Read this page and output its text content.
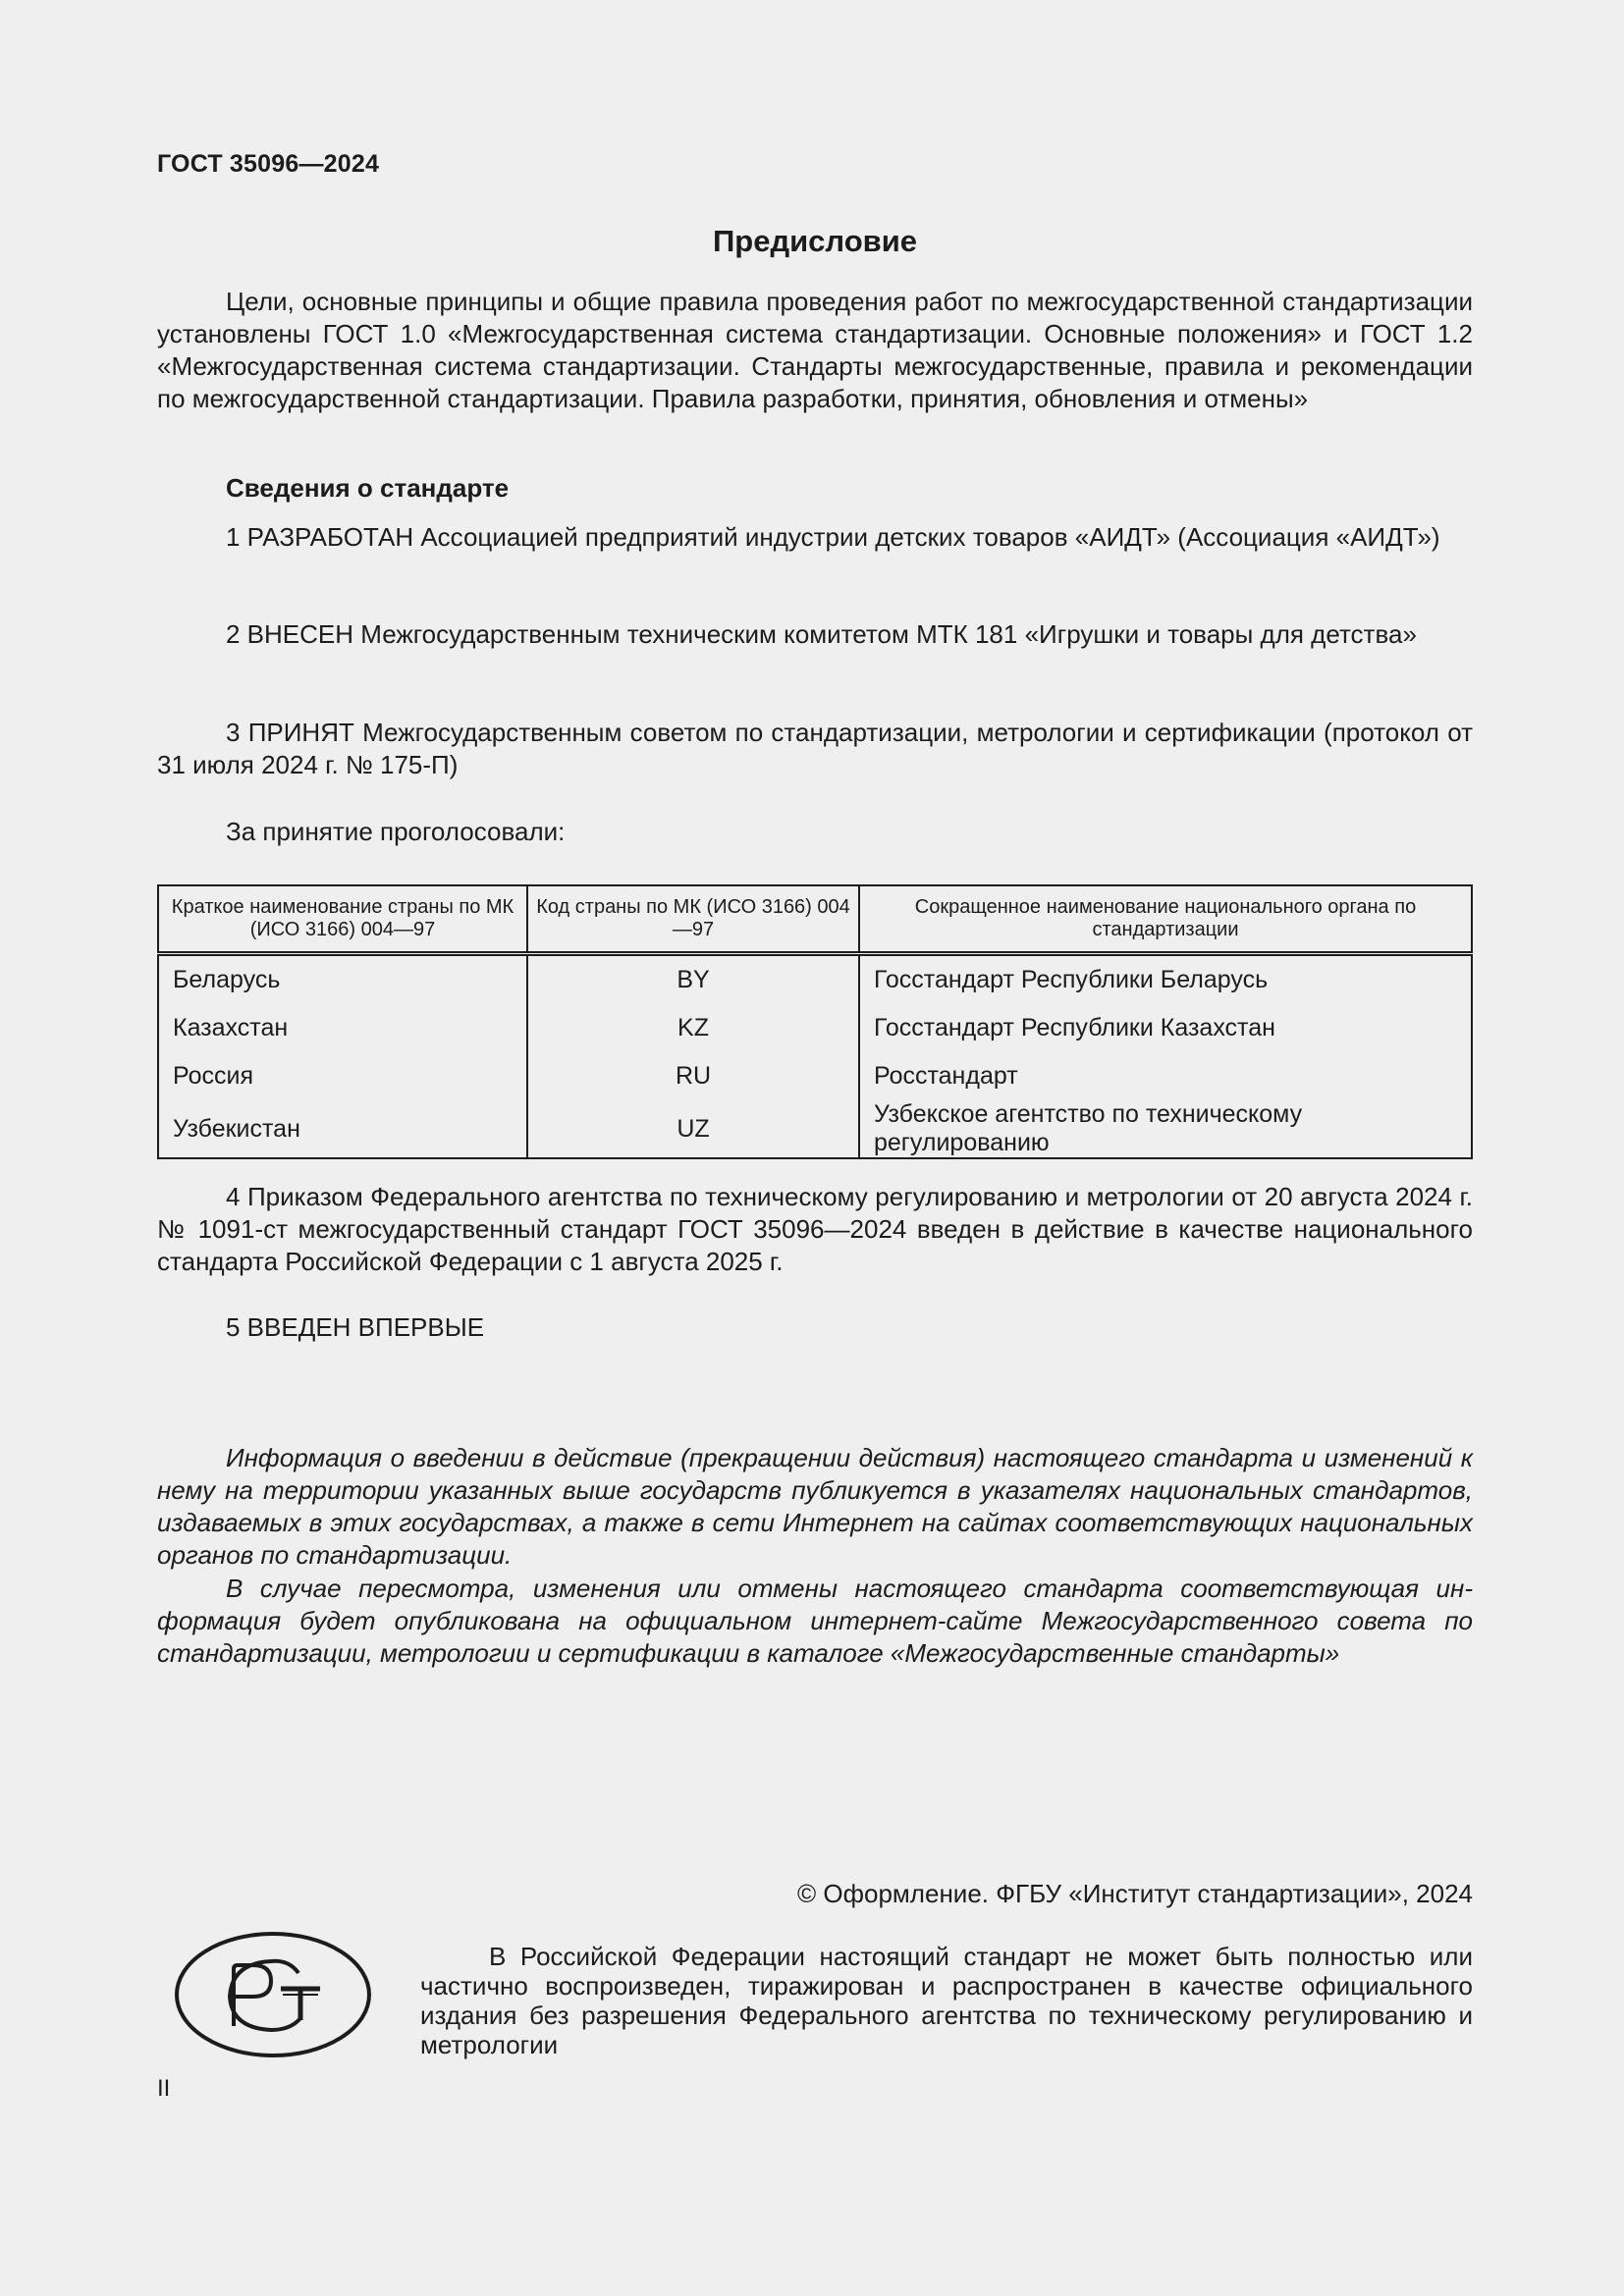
ГОСТ 35096—2024
Предисловие

Цели, основные принципы и общие правила проведения работ по межгосударственной стандартизации установлены ГОСТ 1.0 «Межгосударственная система стандартизации. Основные положения» и ГОСТ 1.2 «Межгосударственная система стандартизации. Стандарты межгосударственные, правила и рекомендации по межгосударственной стандартизации. Правила разработки, принятия, обновления и отмены»

Сведения о стандарте

1 РАЗРАБОТАН Ассоциацией предприятий индустрии детских товаров «АИДТ» (Ассоциация «АИДТ»)

2 ВНЕСЕН Межгосударственным техническим комитетом МТК 181 «Игрушки и товары для детства»

3 ПРИНЯТ Межгосударственным советом по стандартизации, метрологии и сертификации (протокол от 31 июля 2024 г. № 175-П)

За принятие проголосовали:

Краткое наименование страны по МК (ИСО 3166) 004—97	Код страны по МК (ИСО 3166) 004—97	Сокращенное наименование национального органа по стандартизации
Беларусь	BY	Госстандарт Республики Беларусь
Казахстан	KZ	Госстандарт Республики Казахстан
Россия	RU	Росстандарт
Узбекистан	UZ	Узбекское агентство по техническому регулированию

4 Приказом Федерального агентства по техническому регулированию и метрологии от 20 августа 2024 г. № 1091-ст межгосударственный стандарт ГОСТ 35096—2024 введен в действие в качестве национального стандарта Российской Федерации с 1 августа 2025 г.

5 ВВЕДЕН ВПЕРВЫЕ

Информация о введении в действие (прекращении действия) настоящего стандарта и изменений к нему на территории указанных выше государств публикуется в указателях национальных стандартов, издаваемых в этих государствах, а также в сети Интернет на сайтах соответствующих национальных органов по стандартизации.

В случае пересмотра, изменения или отмены настоящего стандарта соответствующая информация будет опубликована на официальном интернет-сайте Межгосударственного совета по стандартизации, метрологии и сертификации в каталоге «Межгосударственные стандарты»

© Оформление. ФГБУ «Институт стандартизации», 2024

В Российской Федерации настоящий стандарт не может быть полностью или частично воспроизведен, тиражирован и распространен в качестве официального издания без разрешения Федерального агентства по техническому регулированию и метрологии

II
